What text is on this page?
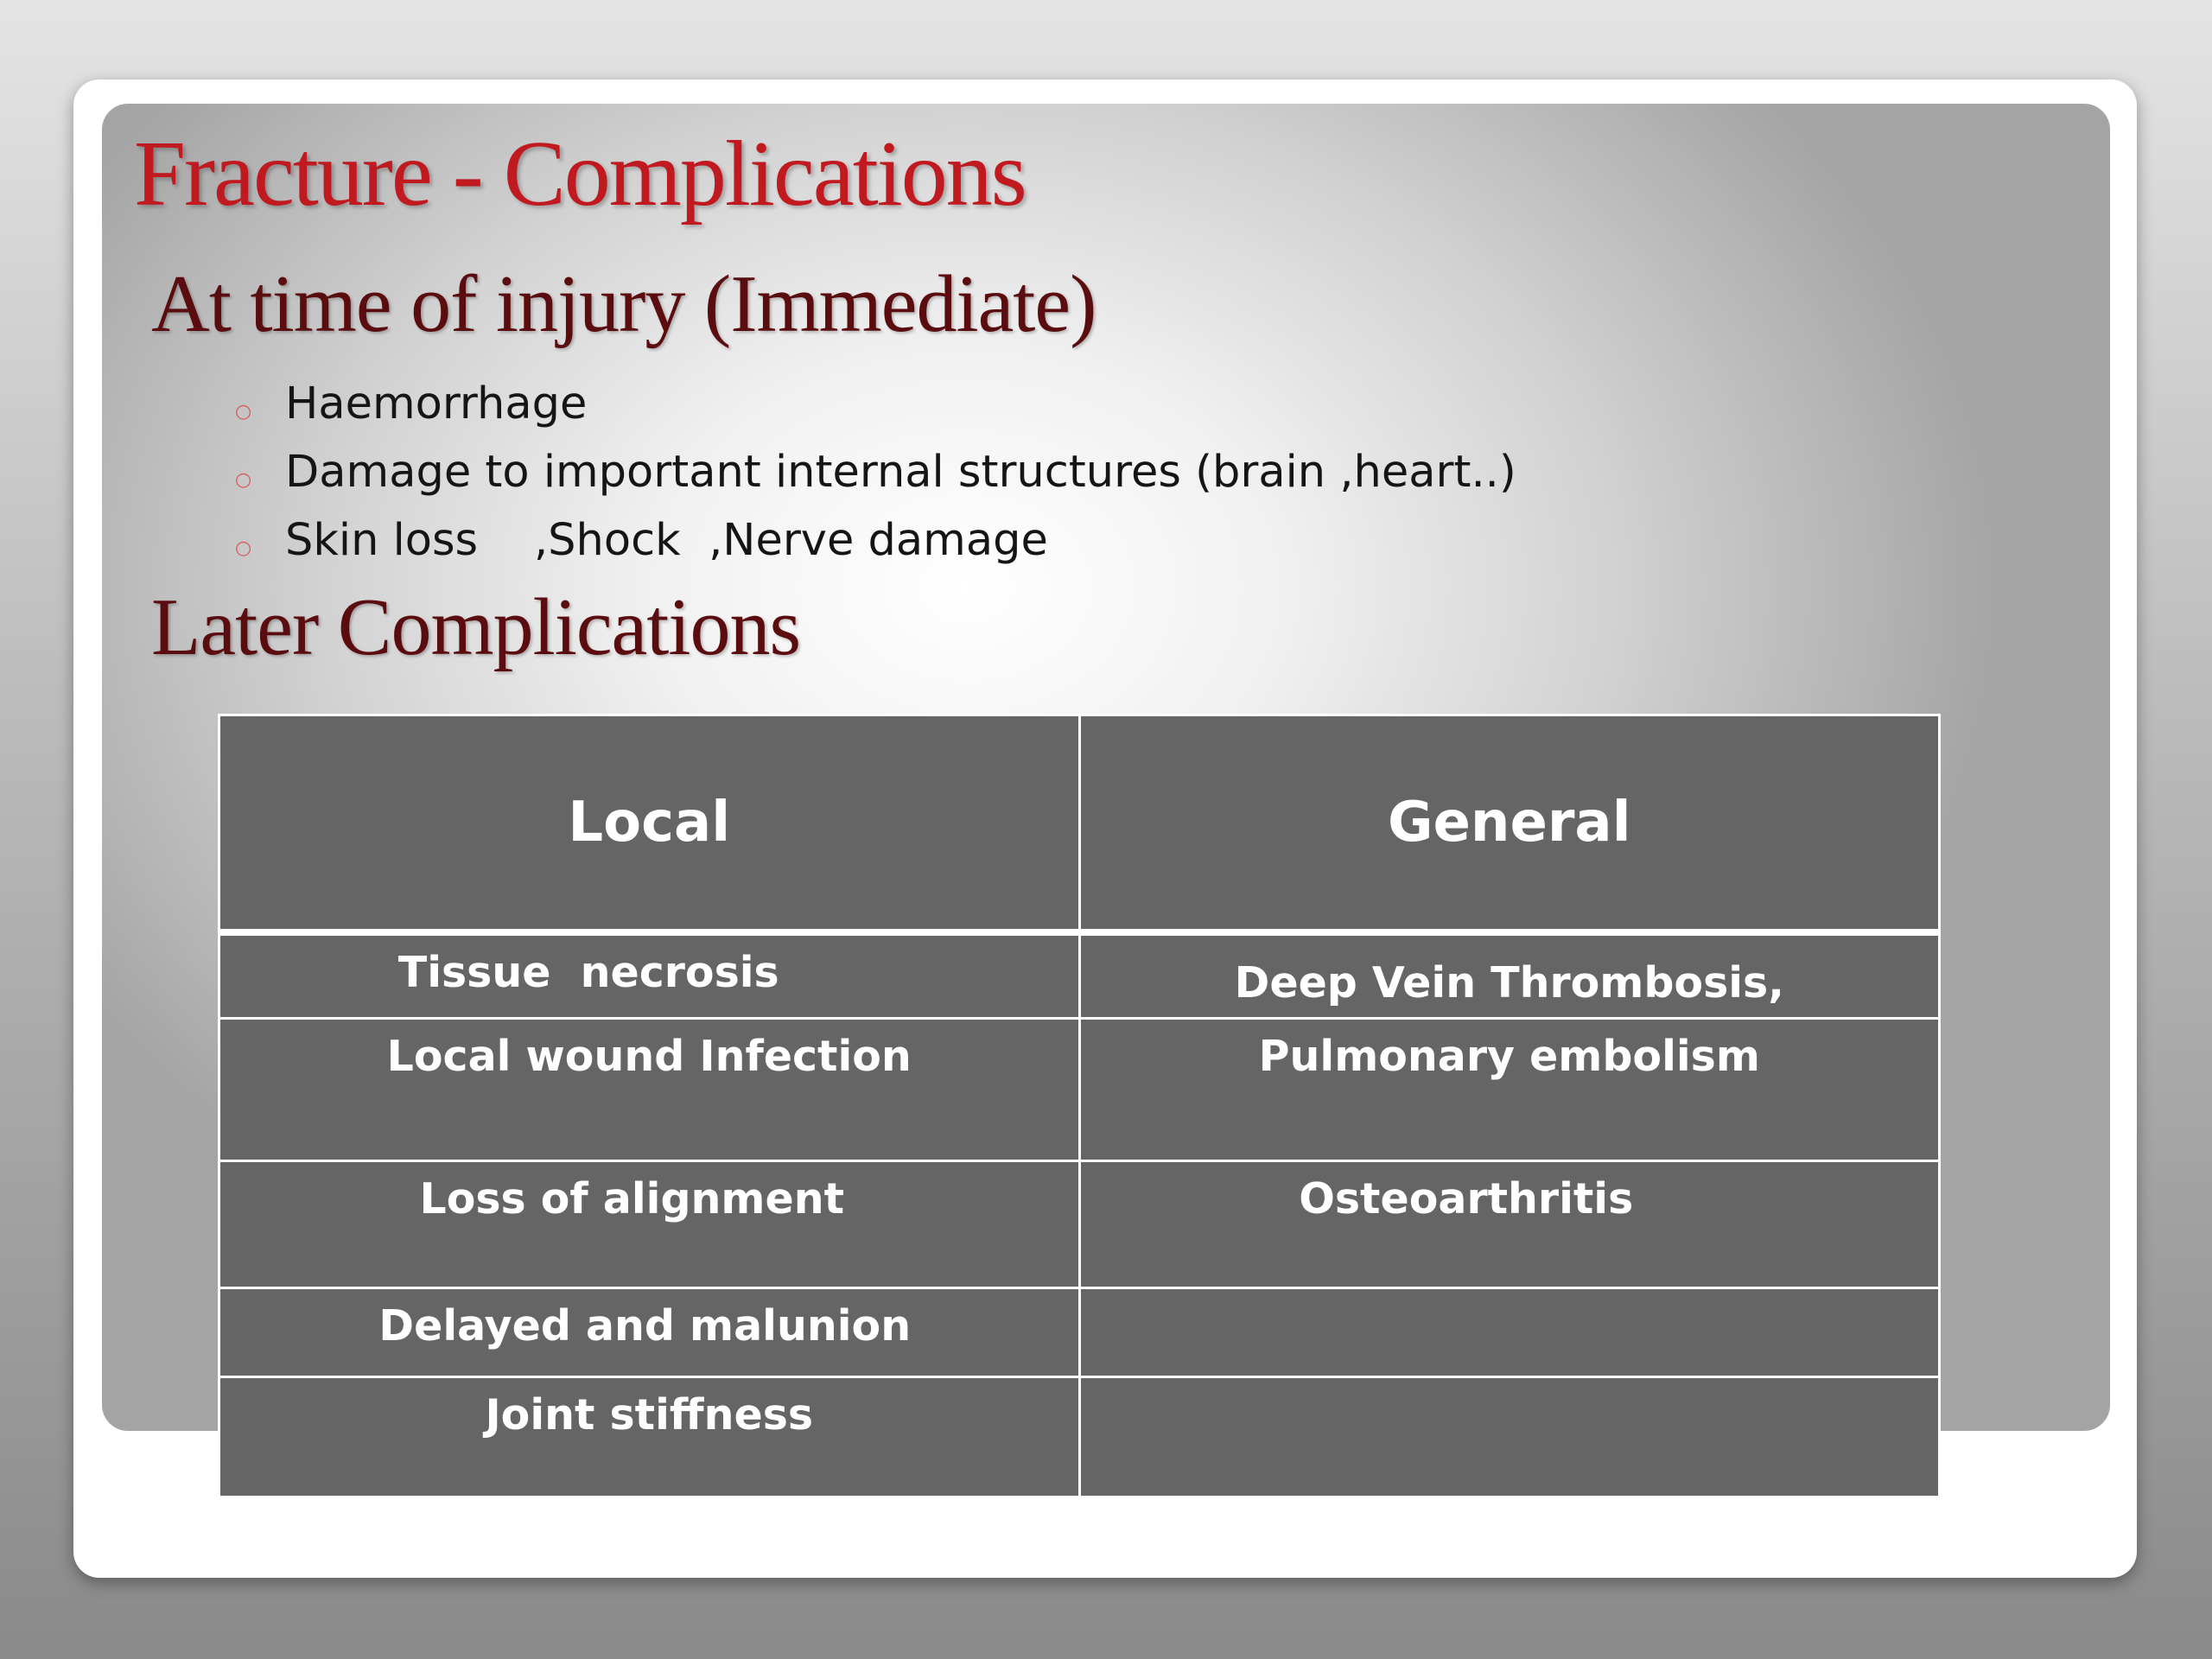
Fracture - Complications
At time of injury (Immediate)
○ Haemorrhage
○ Damage to important internal structures (brain ,heart..)
○ Skin loss    ,Shock  ,Nerve damage
Later Complications
Local	General
Tissue  necrosis	Deep Vein Thrombosis,
Local wound Infection	Pulmonary embolism
Loss of alignment	Osteoarthritis
Delayed and malunion	
Joint stiffness	
